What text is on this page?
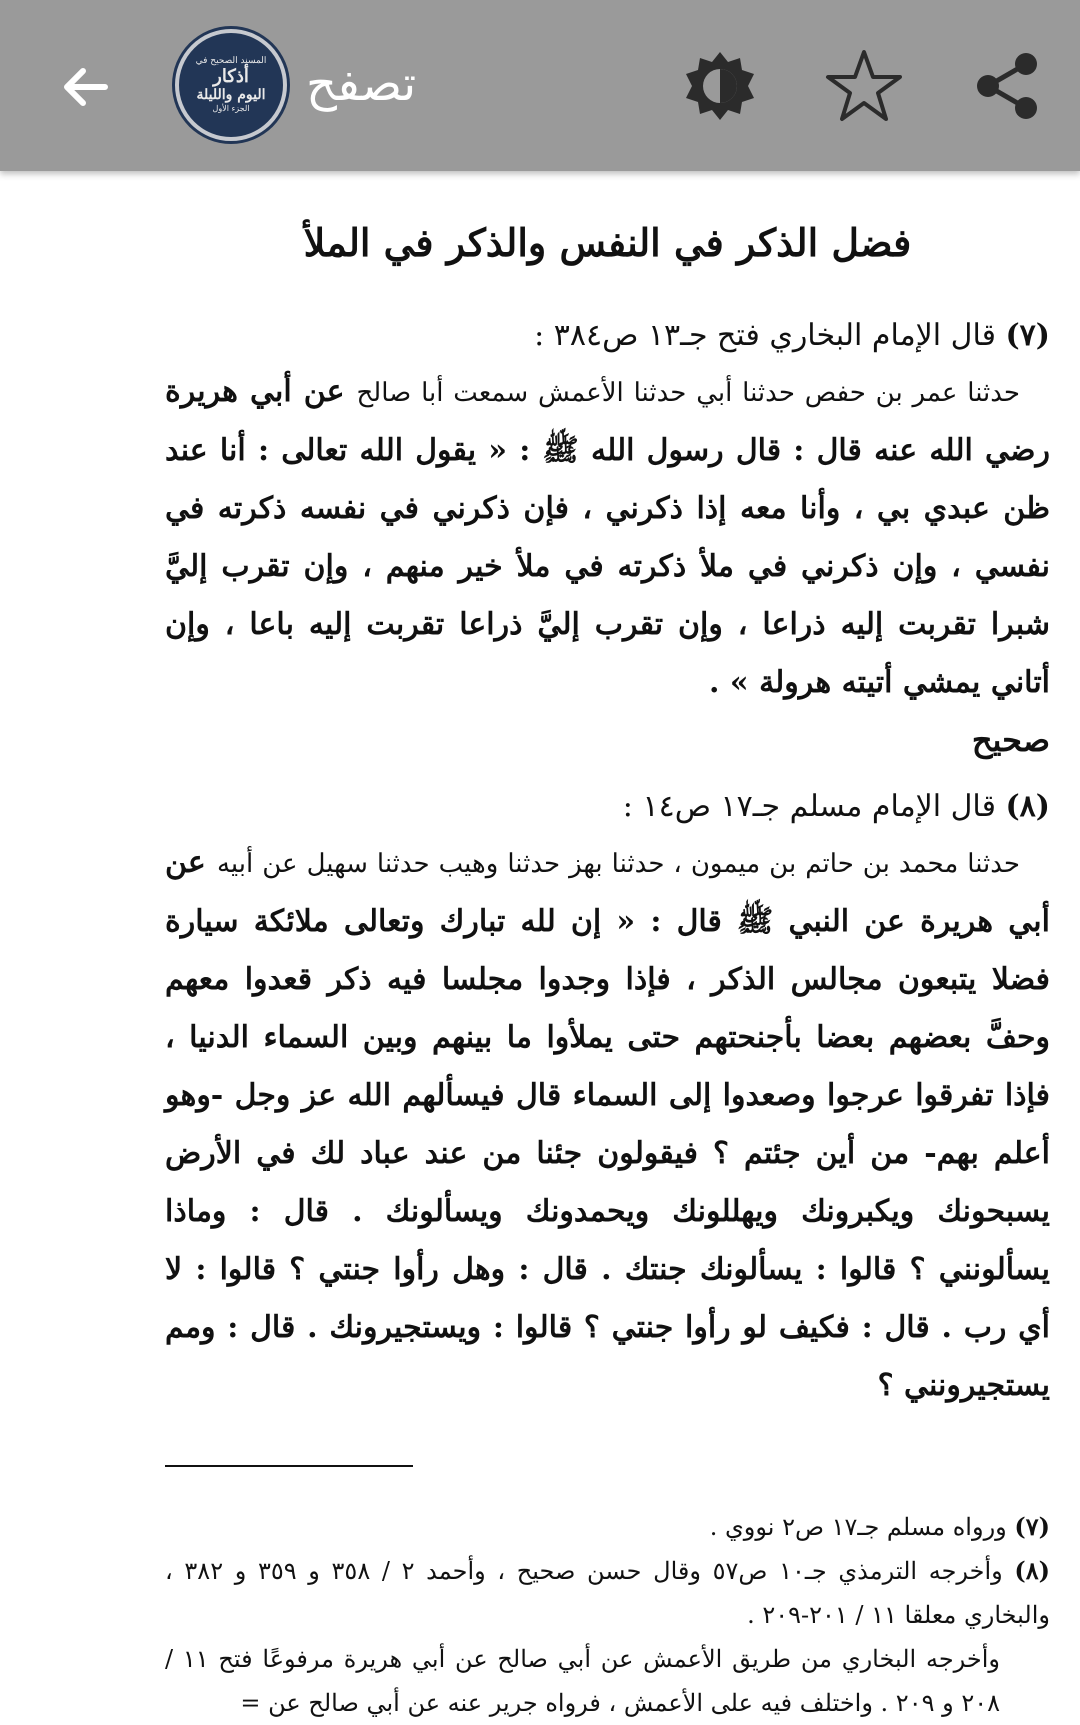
المسند الصحيح في
أذكار
اليوم والليلة
الجزء الأول تصفح
فضل الذكر في النفس والذكر في الملأ

(٧) قال الإمام البخاري فتح جـ١٣ ص٣٨٤ :

حدثنا عمر بن حفص حدثنا أبي حدثنا الأعمش سمعت أبا صالح عن أبي هريرة رضي الله عنه قال : قال رسول الله ﷺ : « يقول الله تعالى : أنا عند ظن عبدي بي ، وأنا معه إذا ذكرني ، فإن ذكرني في نفسه ذكرته في نفسي ، وإن ذكرني في ملأ ذكرته في ملأ خير منهم ، وإن تقرب إليَّ شبرا تقربت إليه ذراعا ، وإن تقرب إليَّ ذراعا تقربت إليه باعا ، وإن أتاني يمشي أتيته هرولة » .

صحيح

(٨) قال الإمام مسلم جـ١٧ ص١٤ :

حدثنا محمد بن حاتم بن ميمون ، حدثنا بهز حدثنا وهيب حدثنا سهيل عن أبيه عن أبي هريرة عن النبي ﷺ قال : « إن لله تبارك وتعالى ملائكة سيارة فضلا يتبعون مجالس الذكر ، فإذا وجدوا مجلسا فيه ذكر قعدوا معهم وحفَّ بعضهم بعضا بأجنحتهم حتى يملأوا ما بينهم وبين السماء الدنيا ، فإذا تفرقوا عرجوا وصعدوا إلى السماء قال فيسألهم الله عز وجل -وهو أعلم بهم- من أين جئتم ؟ فيقولون جئنا من عند عباد لك في الأرض يسبحونك ويكبرونك ويهللونك ويحمدونك ويسألونك . قال : وماذا يسألونني ؟ قالوا : يسألونك جنتك . قال : وهل رأوا جنتي ؟ قالوا : لا أي رب . قال : فكيف لو رأوا جنتي ؟ قالوا : ويستجيرونك . قال : ومم يستجيرونني ؟

(٧) ورواه مسلم جـ١٧ ص٢ نووي .

(٨) وأخرجه الترمذي جـ١٠ ص٥٧ وقال حسن صحيح ، وأحمد ٢ / ٣٥٨ و ٣٥٩ و ٣٨٢ ، والبخاري معلقا ١١ / ٢٠١-٢٠٩ .

وأخرجه البخاري من طريق الأعمش عن أبي صالح عن أبي هريرة مرفوعًا فتح ١١ / ٢٠٨ و ٢٠٩ . واختلف فيه على الأعمش ، فرواه جرير عنه عن أبي صالح عن =
